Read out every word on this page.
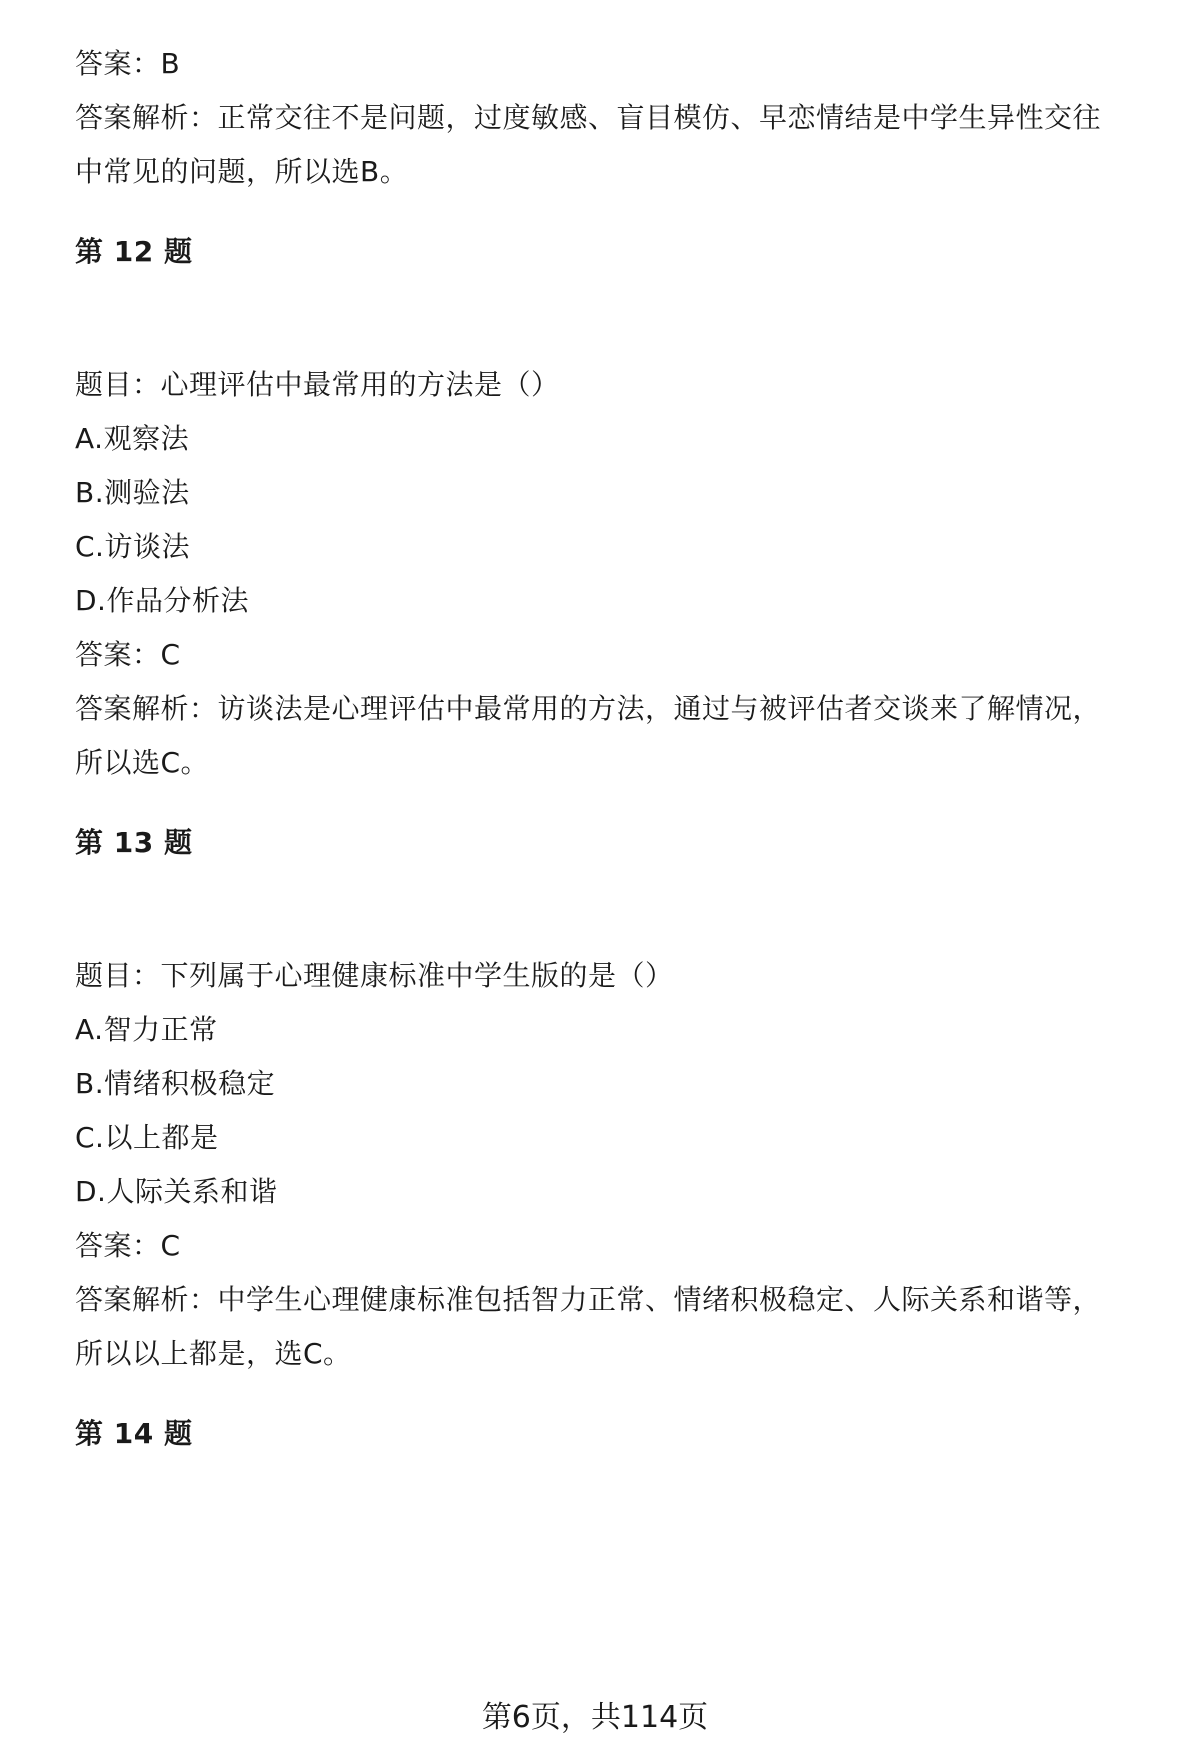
答案：B
答案解析：正常交往不是问题，过度敏感、盲目模仿、早恋情结是中学生异性交往
中常见的问题，所以选B。
第 12 题
题目：心理评估中最常用的方法是（）
A.观察法
B.测验法
C.访谈法
D.作品分析法
答案：C
答案解析：访谈法是心理评估中最常用的方法，通过与被评估者交谈来了解情况，
所以选C。
第 13 题
题目：下列属于心理健康标准中学生版的是（）
A.智力正常
B.情绪积极稳定
C.以上都是
D.人际关系和谐
答案：C
答案解析：中学生心理健康标准包括智力正常、情绪积极稳定、人际关系和谐等，
所以以上都是，选C。
第 14 题
第6页，共114页
